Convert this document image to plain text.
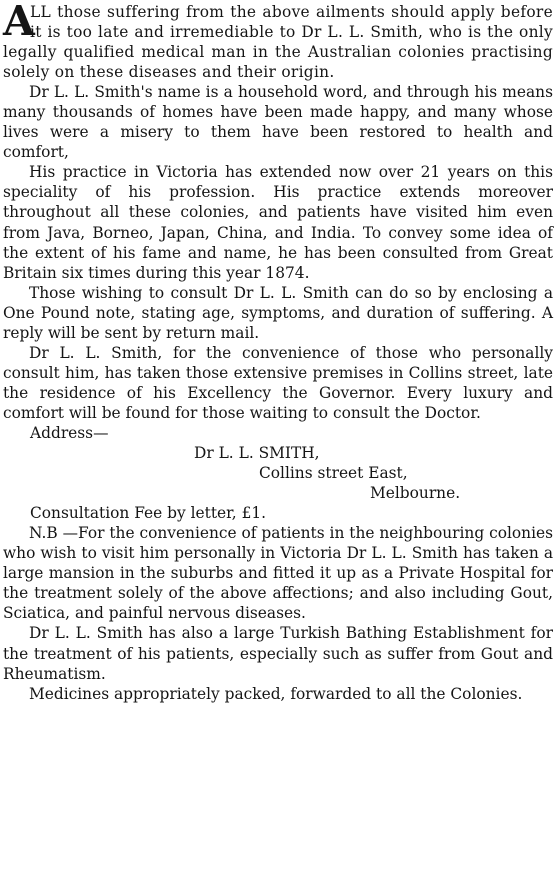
A
LL those suffering from the above ailments should apply before it is too late and irremediable to Dr L. L. Smith, who is the only legally qualified medical man in the Australian colonies practising solely on these diseases and their origin.

Dr L. L. Smith's name is a household word, and through his means many thousands of homes have been made happy, and many whose lives were a misery to them have been restored to health and comfort,

His practice in Victoria has extended now over 21 years on this speciality of his profession. His practice extends moreover throughout all these colonies, and patients have visited him even from Java, Borneo, Japan, China, and India. To convey some idea of the extent of his fame and name, he has been consulted from Great Britain six times during this year 1874.

Those wishing to consult Dr L. L. Smith can do so by enclosing a One Pound note, stating age, symptoms, and duration of suffering. A reply will be sent by return mail.

Dr L. L. Smith, for the convenience of those who personally consult him, has taken those extensive premises in Collins street, late the residence of his Excellency the Governor. Every luxury and comfort will be found for those waiting to consult the Doctor.

Address—

Dr L. L. SMITH,

Collins street East,

Melbourne.

Consultation Fee by letter, £1.

N.B —For the convenience of patients in the neighbouring colonies who wish to visit him personally in Victoria Dr L. L. Smith has taken a large mansion in the suburbs and fitted it up as a Private Hospital for the treatment solely of the above affections; and also including Gout, Sciatica, and painful nervous diseases.

Dr L. L. Smith has also a large Turkish Bathing Establishment for the treatment of his patients, especially such as suffer from Gout and Rheumatism.

Medicines appropriately packed, forwarded to all the Colonies.
